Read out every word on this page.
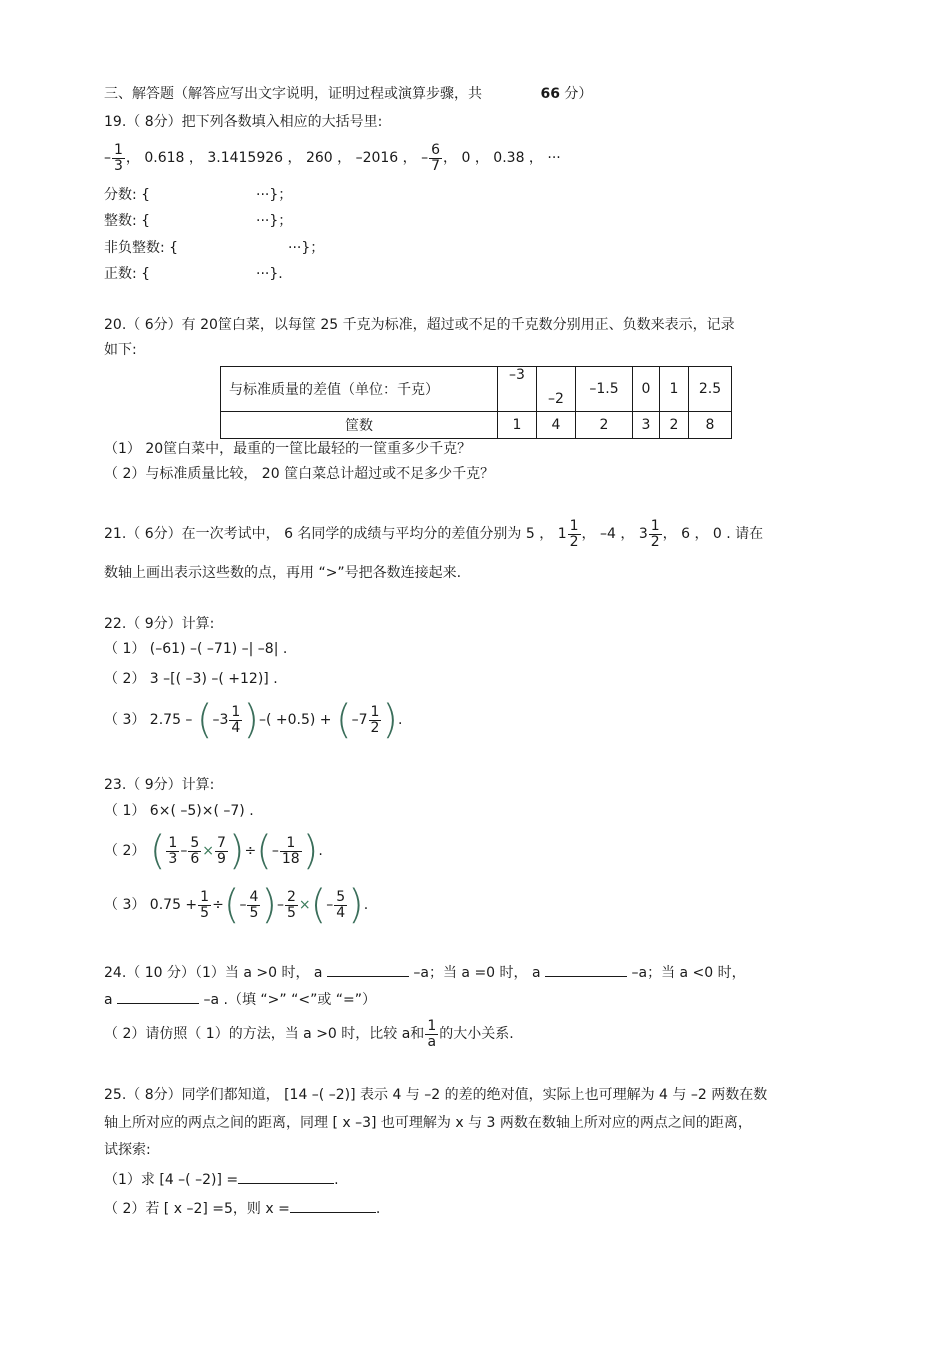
三、解答题（解答应写出文字说明，证明过程或演算步骤，共	66 分）
19.（ 8分）把下列各数填入相应的大括号里:
– $\frac{1}{3}$ ， 0.618 ， 3.1415926 ， 260 ， –2016 ， – $\frac{6}{7}$ ， 0 ， 0.38 ， ···
分数: {	···}；
整数: {	···}；
非负整数: {	···}；
正数: {	···}.
20.（ 6分）有 20筐白菜，以每筐 25 千克为标准，超过或不足的千克数分别用正、负数来表示，记录
如下:
与标准质量的差值（单位：千克）	–3	–2	–1.5	0	1	2.5
筐数	1	4	2	3	2	8
（1） 20筐白菜中，最重的一筐比最轻的一筐重多少千克？
（ 2）与标准质量比较， 20 筐白菜总计超过或不足多少千克？
21.（ 6分）在一次考试中， 6 名同学的成绩与平均分的差值分别为 5 ， $1 \frac{1}{2}$ ， –4 ， $3 \frac{1}{2}$ ， 6 ， 0 . 请在
数轴上画出表示这些数的点，再用 “>”号把各数连接起来.
22.（ 9分）计算:
（ 1） (–61) –( –71) –| –8| .
（ 2） 3 –[( –3) –( +12)] .
（ 3） $2.75 - (-3 \frac{1}{4}$ )–( $+0.5) + (-7 \frac{1}{2}$ ).
23.（ 9分）计算:
（ 1） 6×( –5)×( –7) .
（ 2） ( $\frac{1}{3} - \frac{5}{6} \times \frac{7}{9}$ )÷(– $\frac{1}{18}$ ).
（ 3） $0.75 + \frac{1}{5}$ ÷(– $\frac{4}{5}$ )– $\frac{2}{5}$ ×(– $\frac{5}{4}$ ).
24.（ 10 分）（1）当 a >0 时， a	–a；当 a =0 时， a	–a；当 a <0 时，
a	–a .（填 “>” “<”或 “=”）
（ 2）请仿照（ 1）的方法，当 a >0 时，比较 a和 $\frac{1}{a}$ 的大小关系.
25.（ 8分）同学们都知道， [14 –( –2)] 表示 4 与 –2 的差的绝对值，实际上也可理解为 4 与 –2 两数在数
轴上所对应的两点之间的距离，同理 [ x –3] 也可理解为 x 与 3 两数在数轴上所对应的两点之间的距离，
试探索:
（1）求 [4 –( –2)] =	.
（ 2）若 [ x –2] =5，则 x =	.
